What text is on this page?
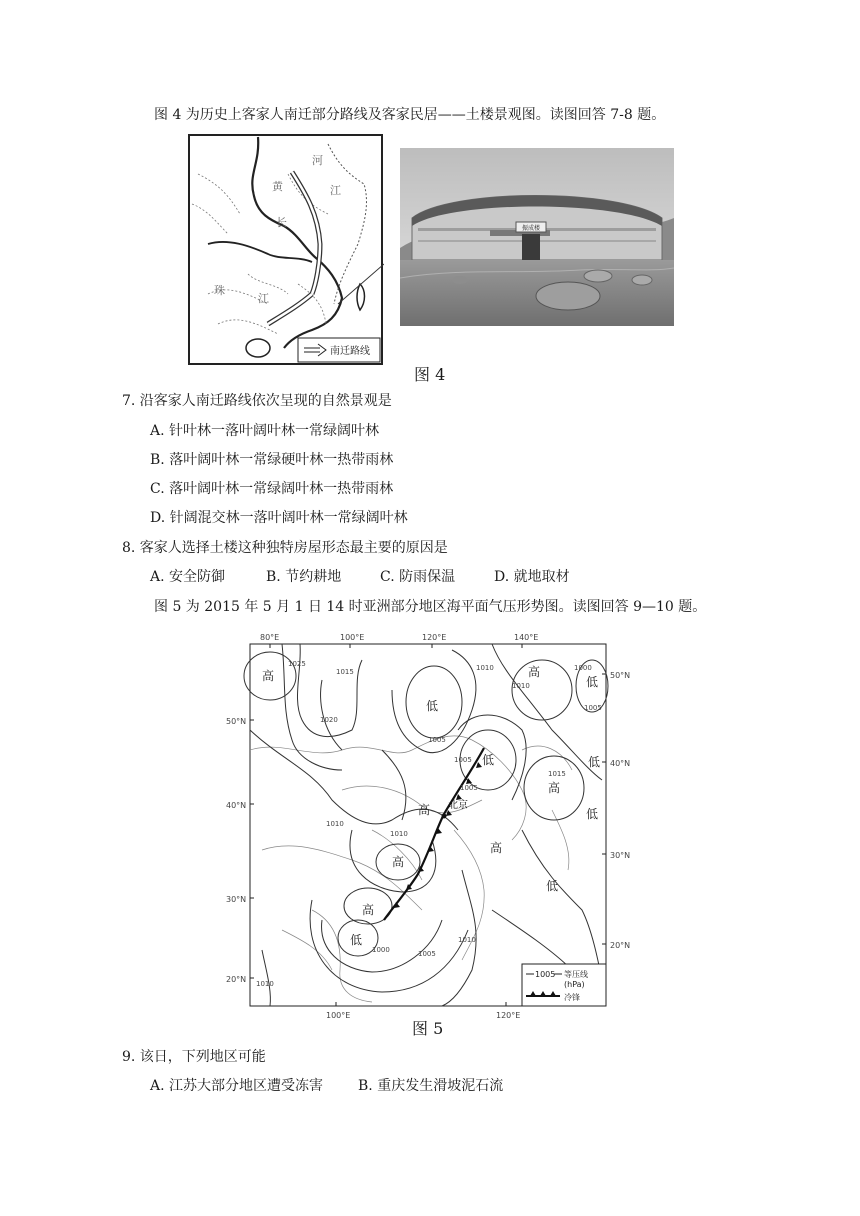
图 4 为历史上客家人南迁部分路线及客家民居——土楼景观图。读图回答 7-8 题。
河
黄	江
长
珠
江
南迁路线
振成楼
图 4
7. 沿客家人南迁路线依次呈现的自然景观是
A. 针叶林一落叶阔叶林一常绿阔叶林
B. 落叶阔叶林一常绿硬叶林一热带雨林
C. 落叶阔叶林一常绿阔叶林一热带雨林
D. 针阔混交林一落叶阔叶林一常绿阔叶林
8. 客家人选择土楼这种独特房屋形态最主要的原因是
A. 安全防御	B. 节约耕地	C. 防雨保温	D. 就地取材
图 5 为 2015 年 5 月 1 日 14 时亚洲部分地区海平面气压形势图。读图回答 9—10 题。
80°E	100°E	120°E	140°E
100°E	120°E
50°N
40°N
30°N
20°N
50°N
40°N
30°N
20°N
北京
高	高
低
低
高
高
高
低
高
低
低
低
高
低
1025
1015
1020
1010
1005
1005
1010
1015
1000
1005
1010
1010
1005
1000	1005
1010
1010
1005 等压线
(hPa)
冷锋
图 5
9. 该日，下列地区可能
A. 江苏大部分地区遭受冻害 B. 重庆发生滑坡泥石流
